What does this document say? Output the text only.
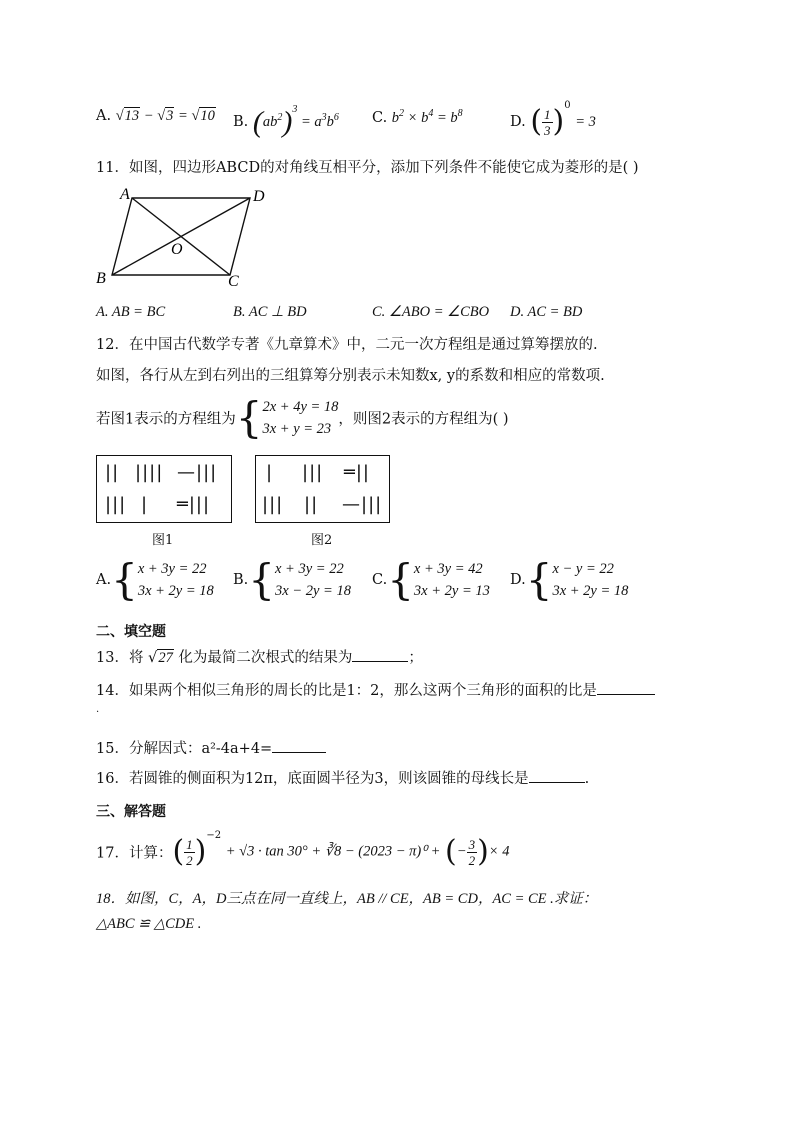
A. √13 − √3 = √10 B. $(ab^2)^3 = a^3b^6$ C. $b^2 \times b^4 = b^8$
D. ( $\frac{1}{3} )^0 = 3$
11．如图，四边形ABCD的对角线互相平分，添加下列条件不能使它成为菱形的是( )
A	D
B	C
O
A. AB = BC	B. AC ⊥ BD	C. ∠ABO = ∠CBO D. AC = BD
12．在中国古代数学专著《九章算术》中，二元一次方程组是通过算筹摆放的.
如图，各行从左到右列出的三组算筹分别表示未知数x, y的系数和相应的常数项.
若图1表示的方程组为{ 2x + 4y = 18
3x + y = 23
，则图2表示的方程组为( )
|| |||| —|||
||| | ═|||
| ||| ═||
||| || —|||
图1	图2
A.{ x + 3y = 22
3x + 2y = 18
B.{ x + 3y = 22
3x − 2y = 18
C.{ x + 3y = 42
3x + 2y = 13
D.{ x − y = 22
3x + 2y = 18
二、填空题
13．将 √27 化为最简二次根式的结果为	；
14．如果两个相似三角形的周长的比是1：2，那么这两个三角形的面积的比是
.
15．分解因式：a²-4a+4=
16．若圆锥的侧面积为12π，底面圆半径为3，则该圆锥的母线长是	.
三、解答题
17．计算：( $\frac{1}{2} )^{-2} + √3 \cdot \tan 30^\circ$ + ∛8 − (2023 − π)⁰ + (− $\frac{3}{2}$ )× 4
18．如图，C，A，D三点在同一直线上，AB // CE，AB = CD，AC = CE .求证：
△ABC ≌ △CDE .
